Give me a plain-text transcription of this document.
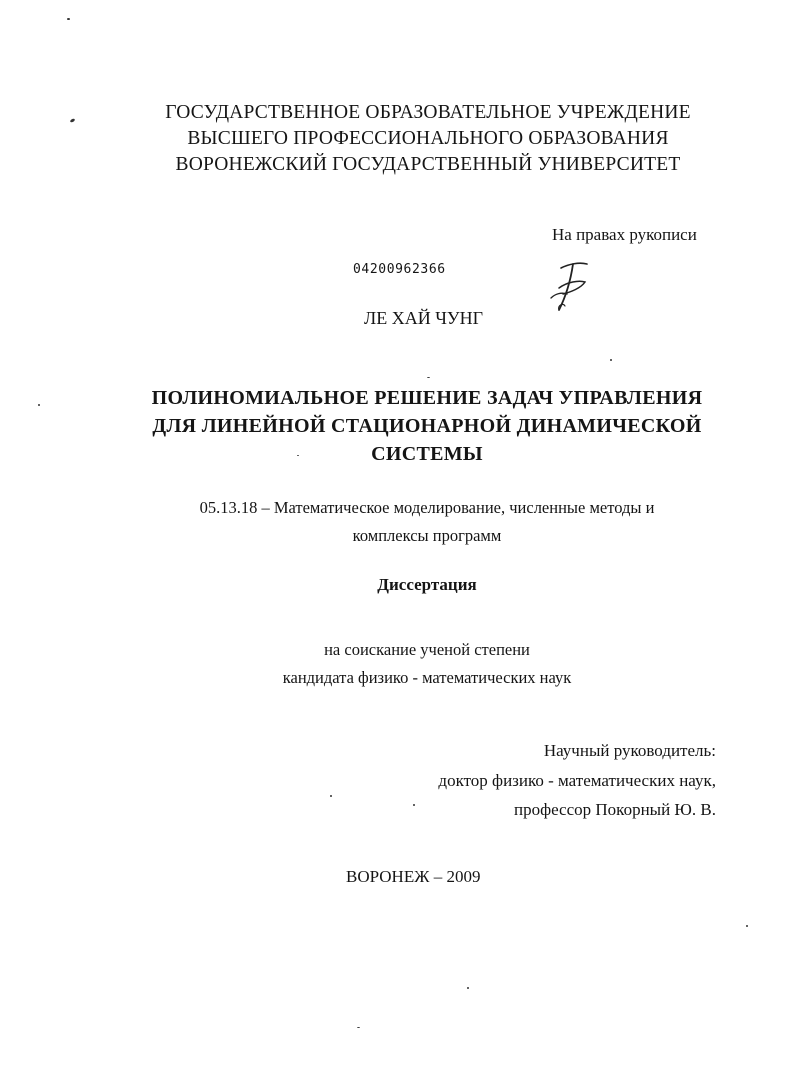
ГОСУДАРСТВЕННОЕ ОБРАЗОВАТЕЛЬНОЕ УЧРЕЖДЕНИЕ
ВЫСШЕГО ПРОФЕССИОНАЛЬНОГО ОБРАЗОВАНИЯ
ВОРОНЕЖСКИЙ ГОСУДАРСТВЕННЫЙ УНИВЕРСИТЕТ
На правах рукописи
04200962366
ЛЕ ХАЙ ЧУНГ
ПОЛИНОМИАЛЬНОЕ РЕШЕНИЕ ЗАДАЧ УПРАВЛЕНИЯ
ДЛЯ ЛИНЕЙНОЙ СТАЦИОНАРНОЙ ДИНАМИЧЕСКОЙ
СИСТЕМЫ
05.13.18 – Математическое моделирование, численные методы и
комплексы программ
Диссертация
на соискание ученой степени
кандидата физико - математических наук
Научный руководитель:
доктор физико - математических наук,
профессор Покорный Ю. В.
ВОРОНЕЖ – 2009
